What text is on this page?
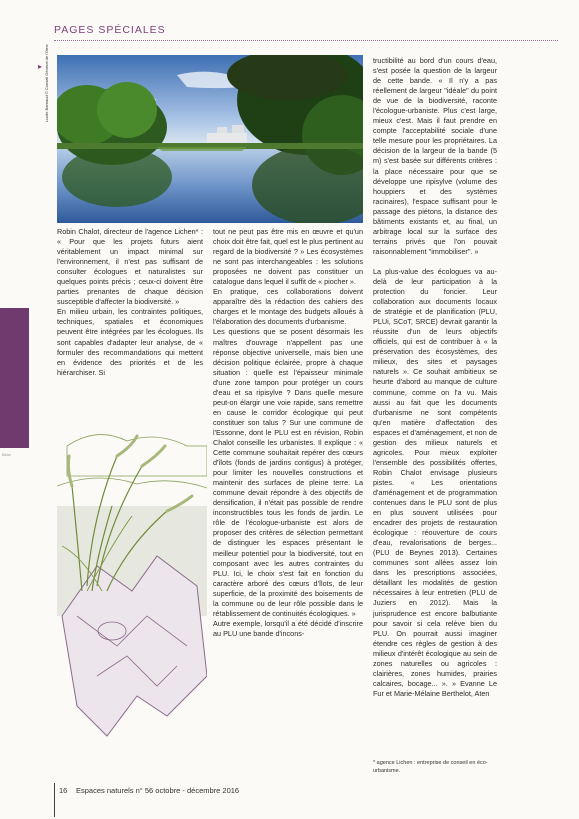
PAGES SPÉCIALES
▸ Lucile Barnaud © Conseil Général de l'Orne
Bilan

Robin Chalot, directeur de l'agence Lichen* : « Pour que les projets futurs aient véritablement un impact minimal sur l'environnement, il n'est pas suffisant de consulter écologues et naturalistes sur quelques points précis ; ceux-ci doivent être parties prenantes de chaque décision susceptible d'affecter la biodiversité. »

En milieu urbain, les contraintes politiques, techniques, spatiales et économiques peuvent être intégrées par les écologues. Ils sont capables d'adapter leur analyse, de « formuler des recommandations qui mettent en évidence des priorités et de les hiérarchiser. Si

tout ne peut pas être mis en œuvre et qu'un choix doit être fait, quel est le plus pertinent au regard de la biodiversité ? » Les écosystèmes ne sont pas interchangeables : les solutions proposées ne doivent pas constituer un catalogue dans lequel il suffit de « piocher ».

En pratique, ces collaborations doivent apparaître dès la rédaction des cahiers des charges et le montage des budgets alloués à l'élaboration des documents d'urbanisme.

Les questions que se posent désormais les maîtres d'ouvrage n'appellent pas une réponse objective universelle, mais bien une décision politique éclairée, propre à chaque situation : quelle est l'épaisseur minimale d'une zone tampon pour protéger un cours d'eau et sa ripisylve ? Dans quelle mesure peut-on élargir une voie rapide, sans remettre en cause le corridor écologique qui peut constituer son talus ? Sur une commune de l'Essonne, dont le PLU est en révision, Robin Chalot conseille les urbanistes. Il explique : « Cette commune souhaitait repérer des cœurs d'îlots (fonds de jardins contigus) à protéger, pour limiter les nouvelles constructions et maintenir des surfaces de pleine terre. La commune devait répondre à des objectifs de densification, il n'était pas possible de rendre inconstructibles tous les fonds de jardin. Le rôle de l'écologue-urbaniste est alors de proposer des critères de sélection permettant de distinguer les espaces présentant le meilleur potentiel pour la biodiversité, tout en composant avec les autres contraintes du PLU. Ici, le choix s'est fait en fonction du caractère arboré des cœurs d'îlots, de leur superficie, de la proximité des boisements de la commune ou de leur rôle possible dans le rétablissement de continuités écologiques. »

Autre exemple, lorsqu'il a été décidé d'inscrire au PLU une bande d'incons-

tructibilité au bord d'un cours d'eau, s'est posée la question de la largeur de cette bande. « Il n'y a pas réellement de largeur "idéale" du point de vue de la biodiversité, raconte l'écologue-urbaniste. Plus c'est large, mieux c'est. Mais il faut prendre en compte l'acceptabilité sociale d'une telle mesure pour les propriétaires. La décision de la largeur de la bande (5 m) s'est basée sur différents critères : la place nécessaire pour que se développe une ripisylve (volume des houppiers et des systèmes racinaires), l'espace suffisant pour le passage des piétons, la distance des bâtiments existants et, au final, un arbitrage local sur la surface des terrains privés que l'on pouvait raisonnablement "immobiliser". »

La plus-value des écologues va au-delà de leur participation à la protection du foncier. Leur collaboration aux documents locaux de stratégie et de planification (PLU, PLUi, SCoT, SRCE) devrait garantir la réussite d'un de leurs objectifs officiels, qui est de contribuer à « la préservation des écosystèmes, des milieux, des sites et paysages naturels ». Ce souhait ambitieux se heurte d'abord au manque de culture commune, comme on l'a vu. Mais aussi au fait que les documents d'urbanisme ne sont compétents qu'en matière d'affectation des espaces et d'aménagement, et non de gestion des milieux naturels et agricoles. Pour mieux exploiter l'ensemble des possibilités offertes, Robin Chalot envisage plusieurs pistes. « Les orientations d'aménagement et de programmation contenues dans le PLU sont de plus en plus souvent utilisées pour encadrer des projets de restauration écologique : réouverture de cours d'eau, revalorisations de berges... (PLU de Beynes 2013). Certaines communes sont allées assez loin dans les prescriptions associées, détaillant les modalités de gestion nécessaires à leur entretien (PLU de Juziers en 2012). Mais la jurisprudence est encore balbutiante pour savoir si cela relève bien du PLU. On pourrait aussi imaginer étendre ces règles de gestion à des milieux d'intérêt écologique au sein de zones naturelles ou agricoles : clairières, zones humides, prairies calcaires, bocage... ». » Evanne Le Fur et Marie-Mélaine Berthelot, Aten

* agence Lichen : entreprise de conseil en éco-urbanisme.
16 Espaces naturels n° 56 octobre - décembre 2016
